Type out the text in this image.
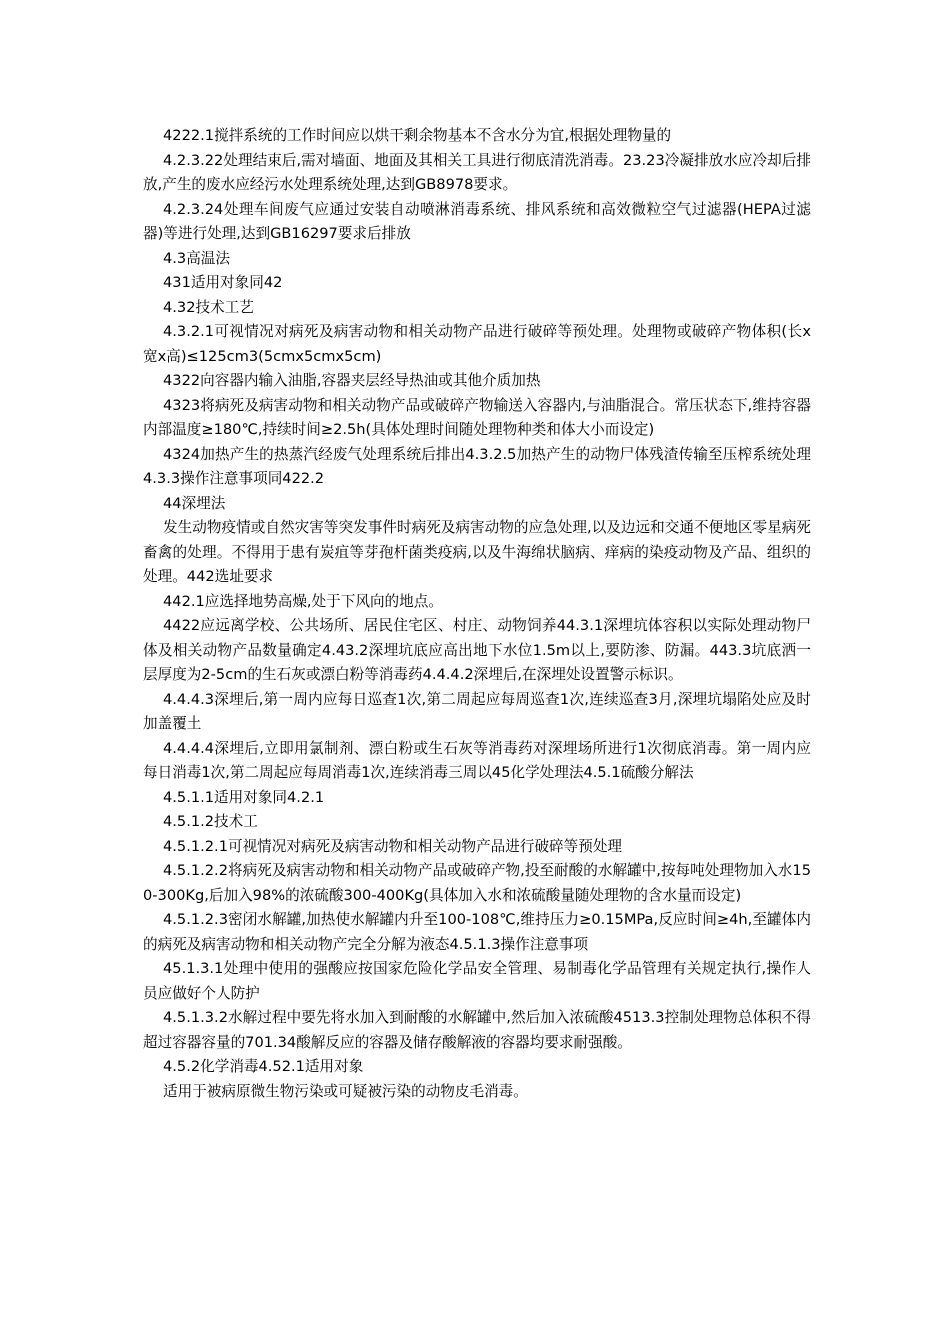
4222.1搅拌系统的工作时间应以烘干剩余物基本不含水分为宜,根据处理物量的

4.2.3.22处理结束后,需对墙面、地面及其相关工具进行彻底清洗消毒。23.23冷凝排放水应冷却后排放,产生的废水应经污水处理系统处理,达到GB8978要求。

4.2.3.24处理车间废气应通过安装自动喷淋消毒系统、排风系统和高效微粒空气过滤器(HEPA过滤器)等进行处理,达到GB16297要求后排放

4.3高温法

431适用对象同42

4.32技术工艺

4.3.2.1可视情况对病死及病害动物和相关动物产品进行破碎等预处理。处理物或破碎产物体积(长x宽x高)≤125cm3(5cmx5cmx5cm)

4322向容器内输入油脂,容器夹层经导热油或其他介质加热

4323将病死及病害动物和相关动物产品或破碎产物输送入容器内,与油脂混合。常压状态下,维持容器内部温度≥180℃,持续时间≥2.5h(具体处理时间随处理物种类和体大小而设定)

4324加热产生的热蒸汽经废气处理系统后排出4.3.2.5加热产生的动物尸体残渣传输至压榨系统处理4.3.3操作注意事项同422.2

44深埋法

发生动物疫情或自然灾害等突发事件时病死及病害动物的应急处理,以及边远和交通不便地区零星病死畜禽的处理。不得用于患有炭疽等芽孢杆菌类疫病,以及牛海绵状脑病、痒病的染疫动物及产品、组织的处理。442选址要求

442.1应选择地势高燥,处于下风向的地点。

4422应远离学校、公共场所、居民住宅区、村庄、动物饲养44.3.1深埋坑体容积以实际处理动物尸体及相关动物产品数量确定4.43.2深埋坑底应高出地下水位1.5m以上,要防渗、防漏。443.3坑底洒一层厚度为2-5cm的生石灰或漂白粉等消毒药4.4.4.2深埋后,在深埋处设置警示标识。

4.4.4.3深埋后,第一周内应每日巡查1次,第二周起应每周巡查1次,连续巡查3月,深埋坑塌陷处应及时加盖覆土

4.4.4.4深埋后,立即用氯制剂、漂白粉或生石灰等消毒药对深埋场所进行1次彻底消毒。第一周内应每日消毒1次,第二周起应每周消毒1次,连续消毒三周以45化学处理法4.5.1硫酸分解法

4.5.1.1适用对象同4.2.1

4.5.1.2技术工

4.5.1.2.1可视情况对病死及病害动物和相关动物产品进行破碎等预处理

4.5.1.2.2将病死及病害动物和相关动物产品或破碎产物,投至耐酸的水解罐中,按每吨处理物加入水150-300Kg,后加入98%的浓硫酸300-400Kg(具体加入水和浓硫酸量随处理物的含水量而设定)

4.5.1.2.3密闭水解罐,加热使水解罐内升至100-108℃,维持压力≥0.15MPa,反应时间≥4h,至罐体内的病死及病害动物和相关动物产完全分解为液态4.5.1.3操作注意事项

45.1.3.1处理中使用的强酸应按国家危险化学品安全管理、易制毒化学品管理有关规定执行,操作人员应做好个人防护

4.5.1.3.2水解过程中要先将水加入到耐酸的水解罐中,然后加入浓硫酸4513.3控制处理物总体积不得超过容器容量的701.34酸解反应的容器及储存酸解液的容器均要求耐强酸。

4.5.2化学消毒4.52.1适用对象

适用于被病原微生物污染或可疑被污染的动物皮毛消毒。
